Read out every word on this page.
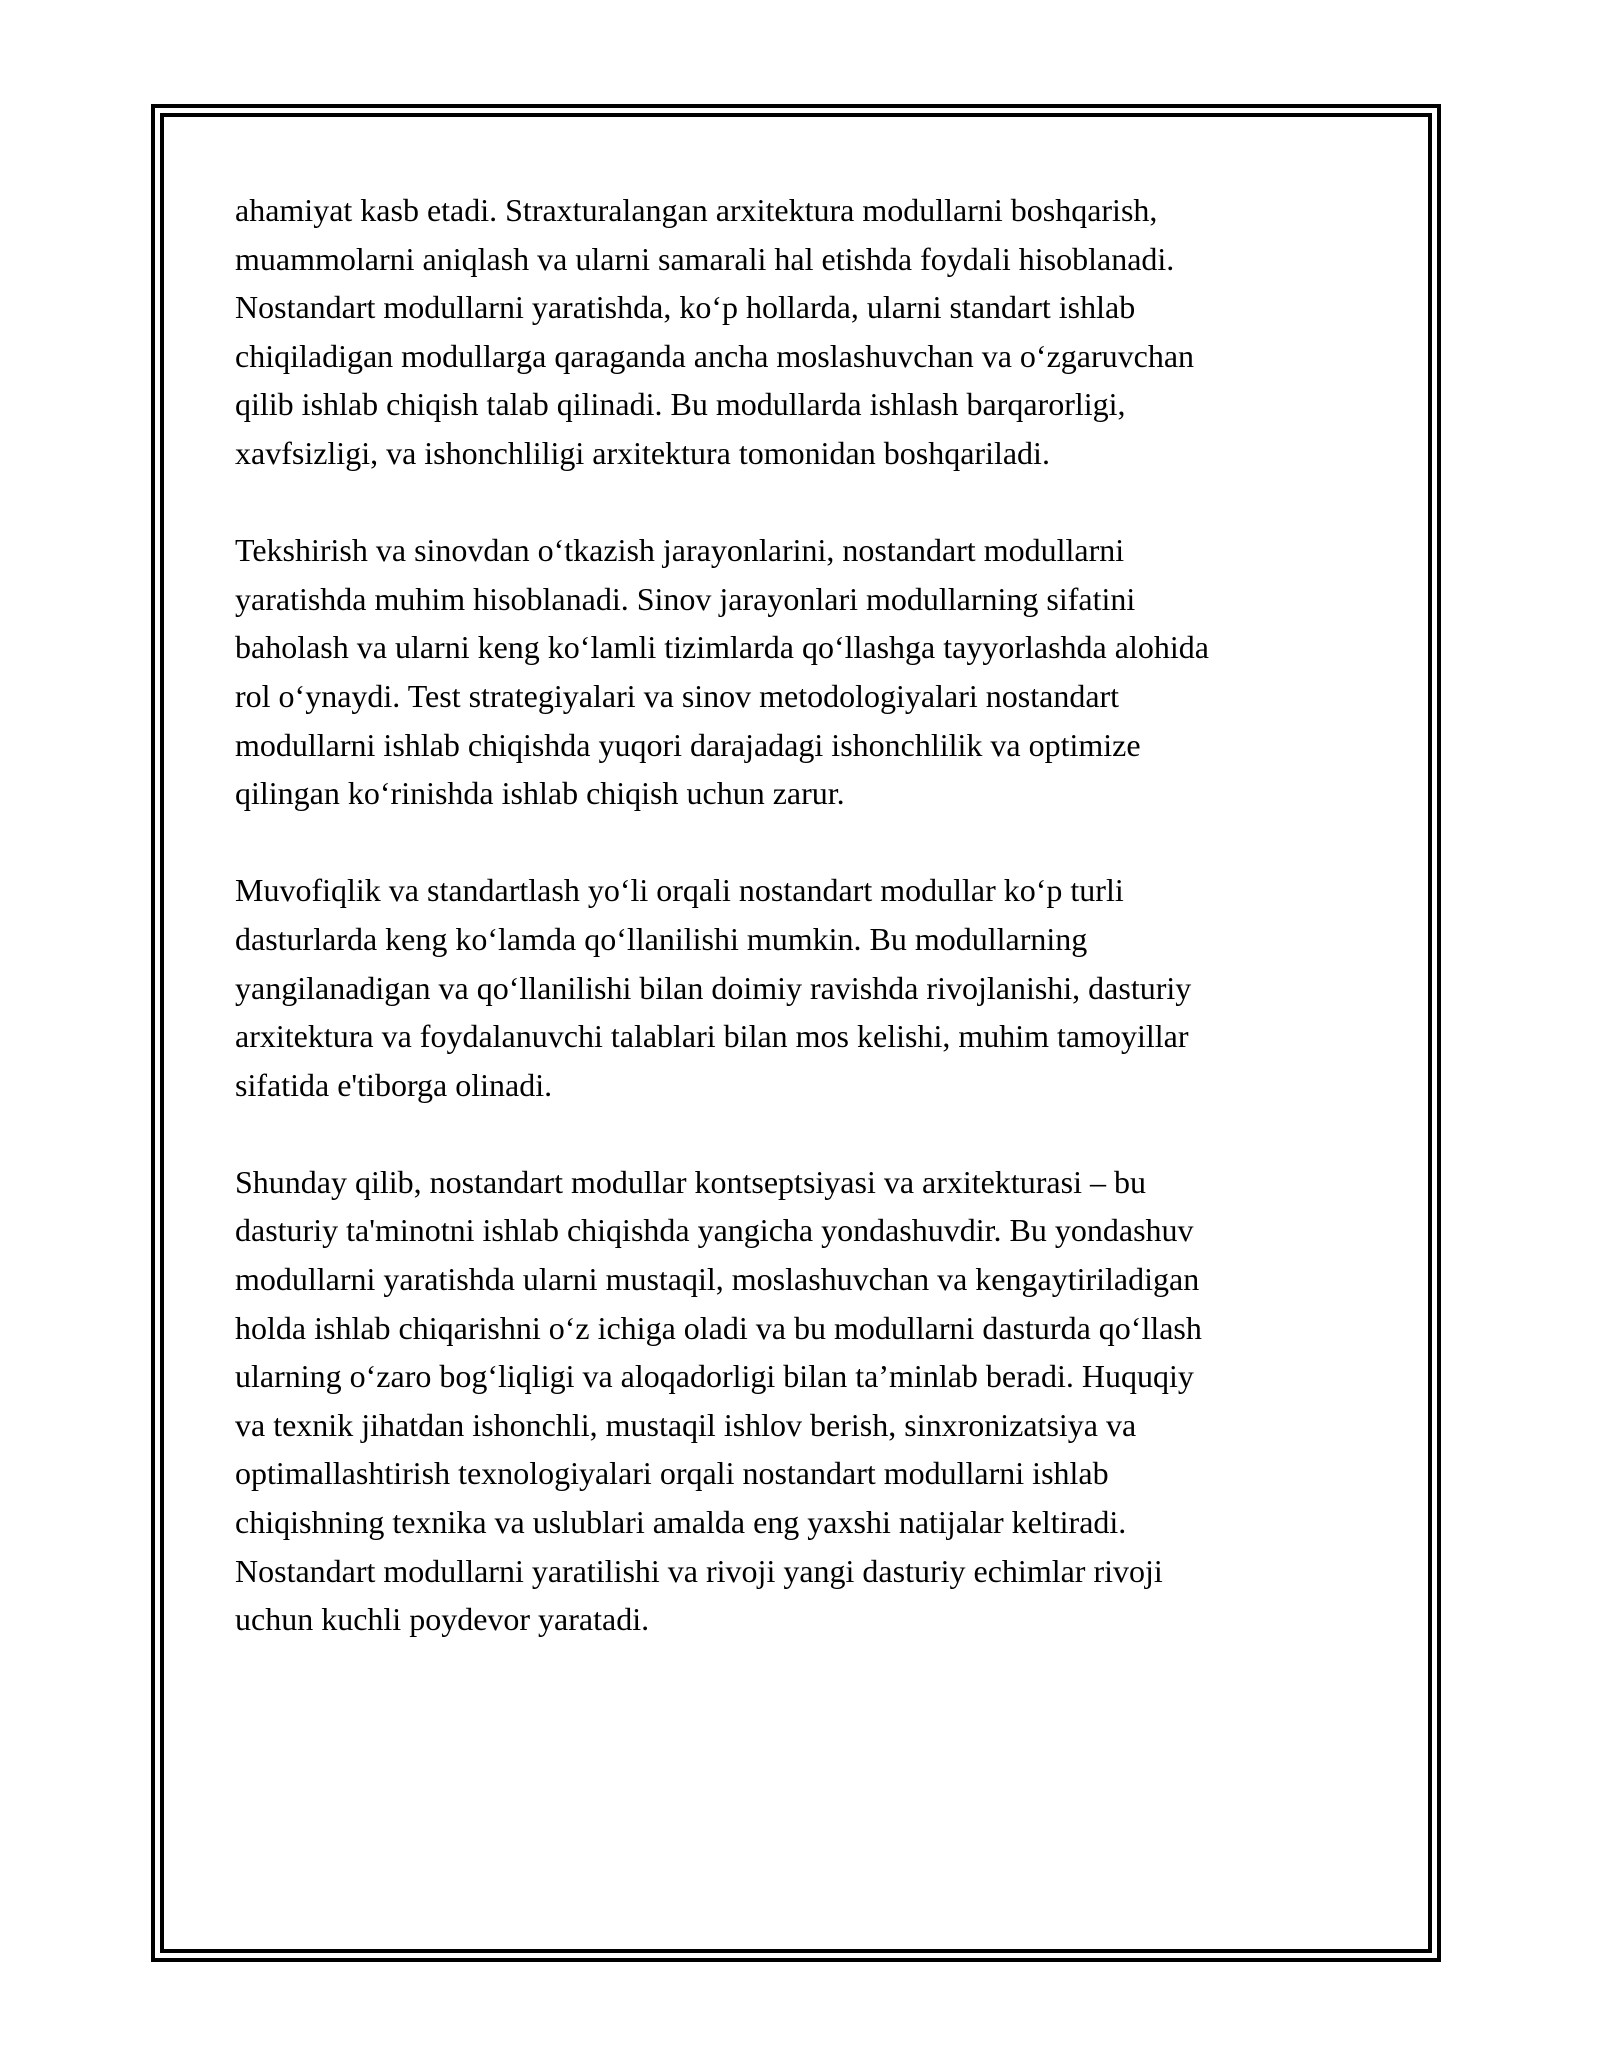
ahamiyat kasb etadi. Straxturalangan arxitektura modullarni boshqarish,
muammolarni aniqlash va ularni samarali hal etishda foydali hisoblanadi.
Nostandart modullarni yaratishda, ko‘p hollarda, ularni standart ishlab
chiqiladigan modullarga qaraganda ancha moslashuvchan va o‘zgaruvchan
qilib ishlab chiqish talab qilinadi. Bu modullarda ishlash barqarorligi,
xavfsizligi, va ishonchliligi arxitektura tomonidan boshqariladi.

Tekshirish va sinovdan o‘tkazish jarayonlarini, nostandart modullarni
yaratishda muhim hisoblanadi. Sinov jarayonlari modullarning sifatini
baholash va ularni keng ko‘lamli tizimlarda qo‘llashga tayyorlashda alohida
rol o‘ynaydi. Test strategiyalari va sinov metodologiyalari nostandart
modullarni ishlab chiqishda yuqori darajadagi ishonchlilik va optimize
qilingan ko‘rinishda ishlab chiqish uchun zarur.

Muvofiqlik va standartlash yo‘li orqali nostandart modullar ko‘p turli
dasturlarda keng ko‘lamda qo‘llanilishi mumkin. Bu modullarning
yangilanadigan va qo‘llanilishi bilan doimiy ravishda rivojlanishi, dasturiy
arxitektura va foydalanuvchi talablari bilan mos kelishi, muhim tamoyillar
sifatida e'tiborga olinadi.

Shunday qilib, nostandart modullar kontseptsiyasi va arxitekturasi – bu
dasturiy ta'minotni ishlab chiqishda yangicha yondashuvdir. Bu yondashuv
modullarni yaratishda ularni mustaqil, moslashuvchan va kengaytiriladigan
holda ishlab chiqarishni o‘z ichiga oladi va bu modullarni dasturda qo‘llash
ularning o‘zaro bog‘liqligi va aloqadorligi bilan ta’minlab beradi. Huquqiy
va texnik jihatdan ishonchli, mustaqil ishlov berish, sinxronizatsiya va
optimallashtirish texnologiyalari orqali nostandart modullarni ishlab
chiqishning texnika va uslublari amalda eng yaxshi natijalar keltiradi.
Nostandart modullarni yaratilishi va rivoji yangi dasturiy echimlar rivoji
uchun kuchli poydevor yaratadi.
